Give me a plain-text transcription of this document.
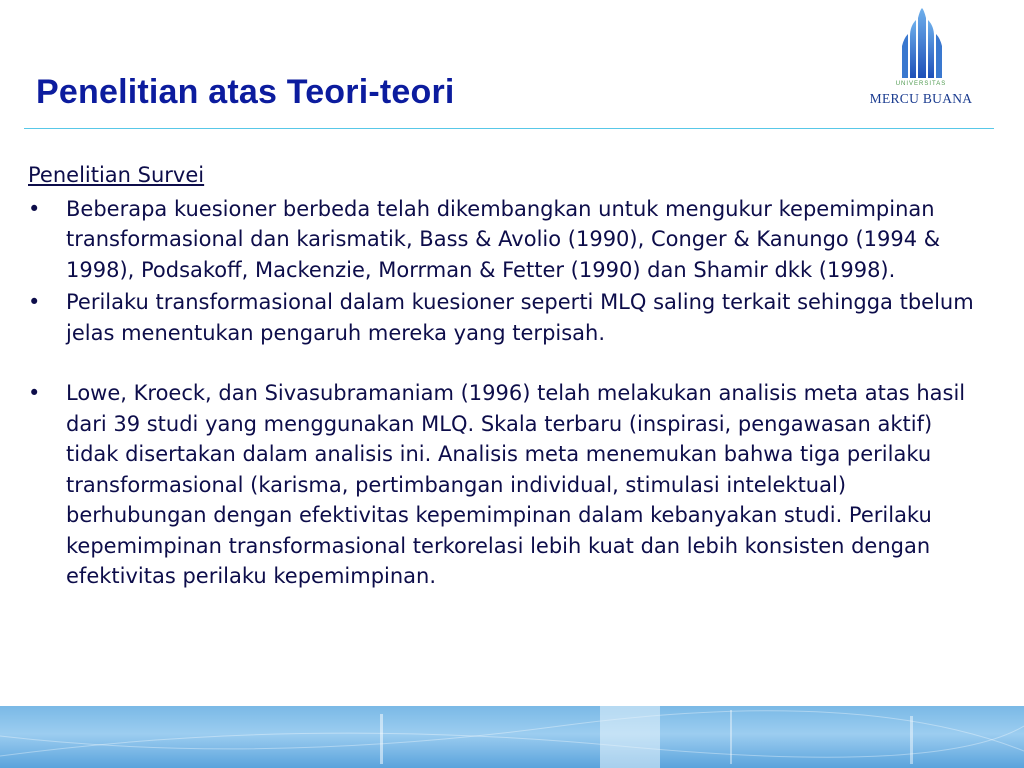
Penelitian atas Teori-teori	UNIVERSITAS
MERCU BUANA
Penelitian Survei
•	Beberapa kuesioner berbeda telah dikembangkan untuk mengukur kepemimpinan transformasional dan karismatik, Bass & Avolio (1990), Conger & Kanungo (1994 & 1998), Podsakoff, Mackenzie, Morrman & Fetter (1990) dan Shamir dkk (1998).
•	Perilaku transformasional dalam kuesioner seperti MLQ saling terkait sehingga tbelum jelas menentukan pengaruh mereka yang terpisah.
•	Lowe, Kroeck, dan Sivasubramaniam (1996) telah melakukan analisis meta atas hasil dari 39 studi yang menggunakan MLQ. Skala terbaru (inspirasi, pengawasan aktif) tidak disertakan dalam analisis ini. Analisis meta menemukan bahwa tiga perilaku transformasional (karisma, pertimbangan individual, stimulasi intelektual) berhubungan dengan efektivitas kepemimpinan dalam kebanyakan studi. Perilaku kepemimpinan transformasional terkorelasi lebih kuat dan lebih konsisten dengan efektivitas perilaku kepemimpinan.
